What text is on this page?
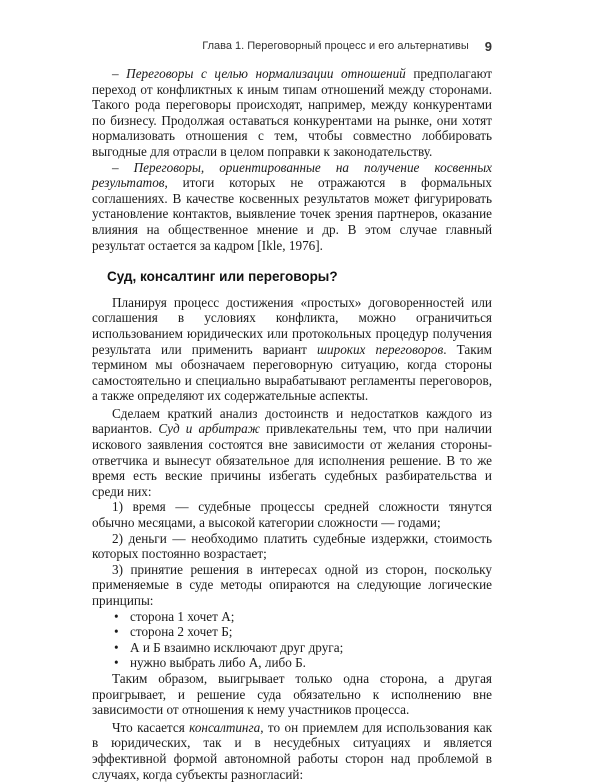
Глава 1. Переговорный процесс и его альтернативы 9

– Переговоры с целью нормализации отношений предполагают переход от конфликтных к иным типам отношений между сторонами. Такого рода переговоры происходят, например, между конкурентами по бизнесу. Продолжая оставаться конкурентами на рынке, они хотят нормализовать отношения с тем, чтобы совместно лоббировать выгодные для отрасли в целом поправки к законодательству.

– Переговоры, ориентированные на получение косвенных результатов, итоги которых не отражаются в формальных соглашениях. В качестве косвенных результатов может фигурировать установление контактов, выявление точек зрения партнеров, оказание влияния на общественное мнение и др. В этом случае главный результат остается за кадром [Ikle, 1976].

Суд, консалтинг или переговоры?

Планируя процесс достижения «простых» договоренностей или соглашения в условиях конфликта, можно ограничиться использованием юридических или протокольных процедур получения результата или применить вариант широких переговоров. Таким термином мы обозначаем переговорную ситуацию, когда стороны самостоятельно и специально вырабатывают регламенты переговоров, а также определяют их содержательные аспекты.

Сделаем краткий анализ достоинств и недостатков каждого из вариантов. Суд и арбитраж привлекательны тем, что при наличии искового заявления состоятся вне зависимости от желания стороны-ответчика и вынесут обязательное для исполнения решение. В то же время есть веские причины избегать судебных разбирательства и среди них:

1) время — судебные процессы средней сложности тянутся обычно месяцами, а высокой категории сложности — годами;

2) деньги — необходимо платить судебные издержки, стоимость которых постоянно возрастает;

3) принятие решения в интересах одной из сторон, поскольку применяемые в суде методы опираются на следующие логические принципы:

• сторона 1 хочет А;
• сторона 2 хочет Б;
• А и Б взаимно исключают друг друга;
• нужно выбрать либо А, либо Б.

Таким образом, выигрывает только одна сторона, а другая проигрывает, и решение суда обязательно к исполнению вне зависимости от отношения к нему участников процесса.

Что касается консалтинга, то он приемлем для использования как в юридических, так и в несудебных ситуациях и является эффективной формой автономной работы сторон над проблемой в случаях, когда субъекты разногласий:
